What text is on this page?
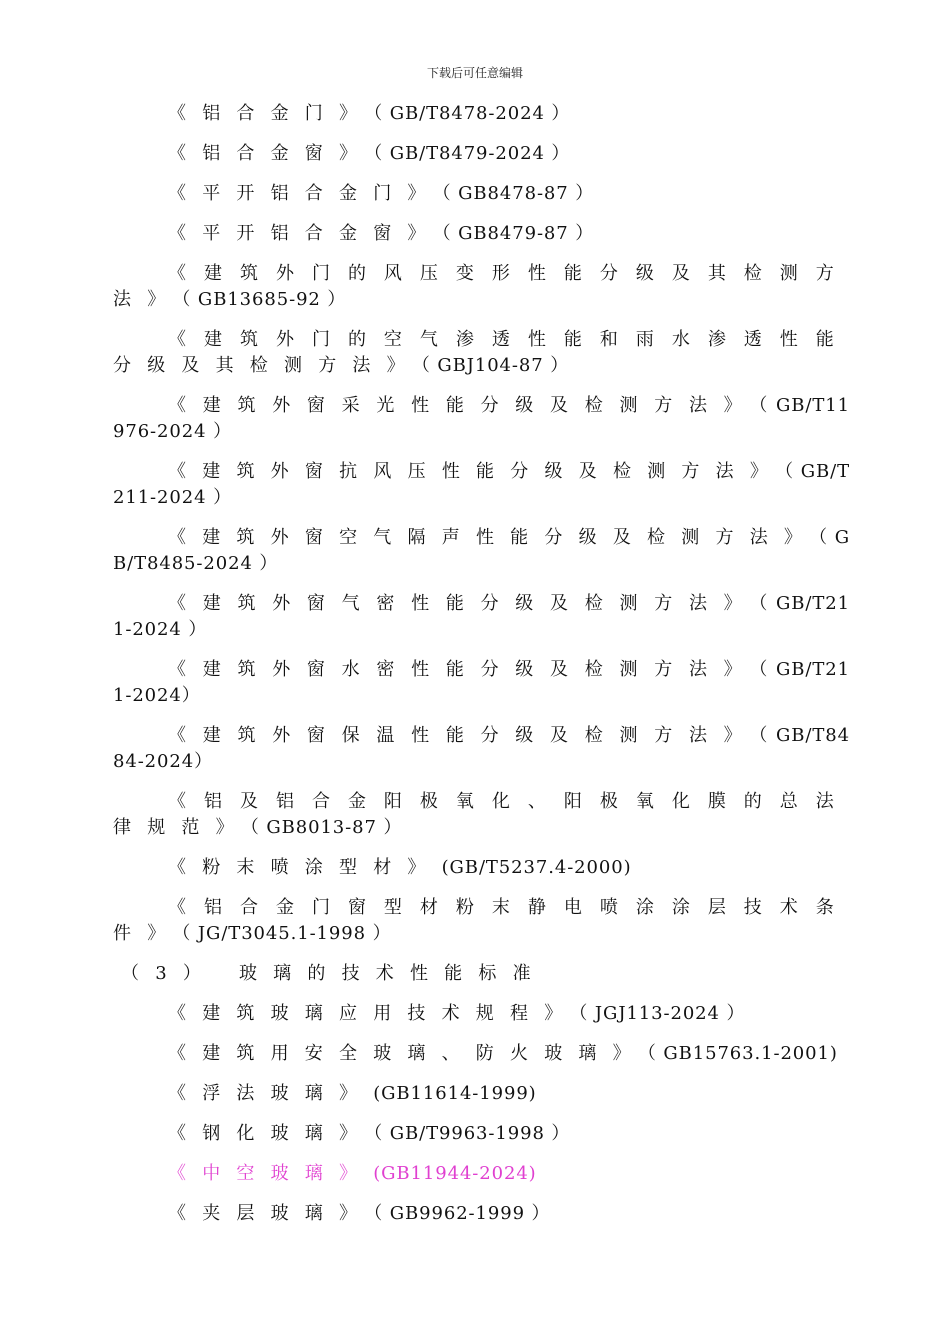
下载后可任意编辑
《铝合金门》（ GB/T8478-2024 ）
《铝合金窗》（ GB/T8479-2024 ）
《平开铝合金门》（ GB8478-87 ）
《平开铝合金窗》（ GB8479-87 ）
《建筑外门的风压变形性能分级及其检测方法》（ GB13685-92 ）
《建筑外门的空气渗透性能和雨水渗透性能分级及其检测方法》（ GBJ104-87 ）
《建筑外窗采光性能分级及检测方法》（ GB/T11976-2024 ）
《建筑外窗抗风压性能分级及检测方法》（ GB/T211-2024 ）
《建筑外窗空气隔声性能分级及检测方法》（ GB/T8485-2024 ）
《建筑外窗气密性能分级及检测方法》（ GB/T211-2024 ）
《建筑外窗水密性能分级及检测方法》（ GB/T211-2024）
《建筑外窗保温性能分级及检测方法》（ GB/T8484-2024）
《铝及铝合金阳极氧化、阳极氧化膜的总法律规范》（ GB8013-87 ）
《粉末喷涂型材》(GB/T5237.4-2000)
《铝合金门窗型材粉末静电喷涂涂层技术条件》（ JG/T3045.1-1998 ）
（3） 玻璃的技术性能标准
《建筑玻璃应用技术规程》（ JGJ113-2024 ）
《建筑用安全玻璃、防火玻璃》（ GB15763.1-2001)
《浮法玻璃》(GB11614-1999)
《钢化玻璃》（ GB/T9963-1998 ）
《中空玻璃》(GB11944-2024)
《夹层玻璃》（ GB9962-1999 ）
